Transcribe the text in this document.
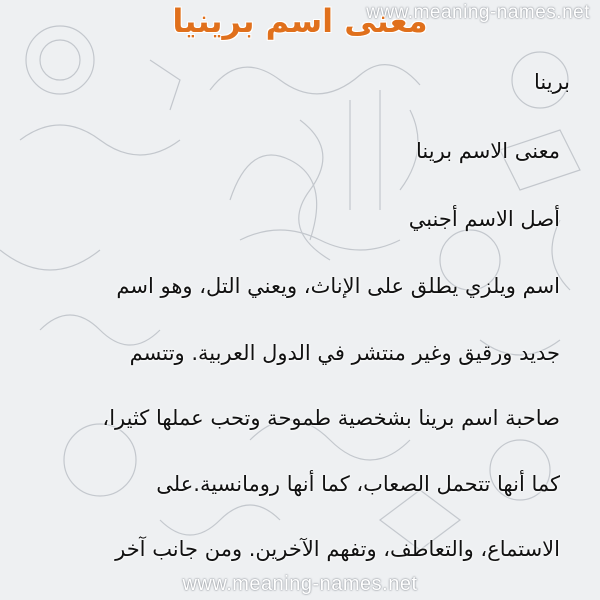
www.meaning-names.net
معنى اسم برينيا
برينا
معنى الاسم برينا
أصل الاسم أجنبي
اسم ويلزي يطلق على الإناث، ويعني التل، وهو اسم
جديد ورقيق وغير منتشر في الدول العربية. وتتسم
صاحبة اسم برينا بشخصية طموحة وتحب عملها كثيرا،
كما أنها تتحمل الصعاب، كما أنها رومانسية.على
الاستماع، والتعاطف، وتفهم الآخرين. ومن جانب آخر
www.meaning-names.net
